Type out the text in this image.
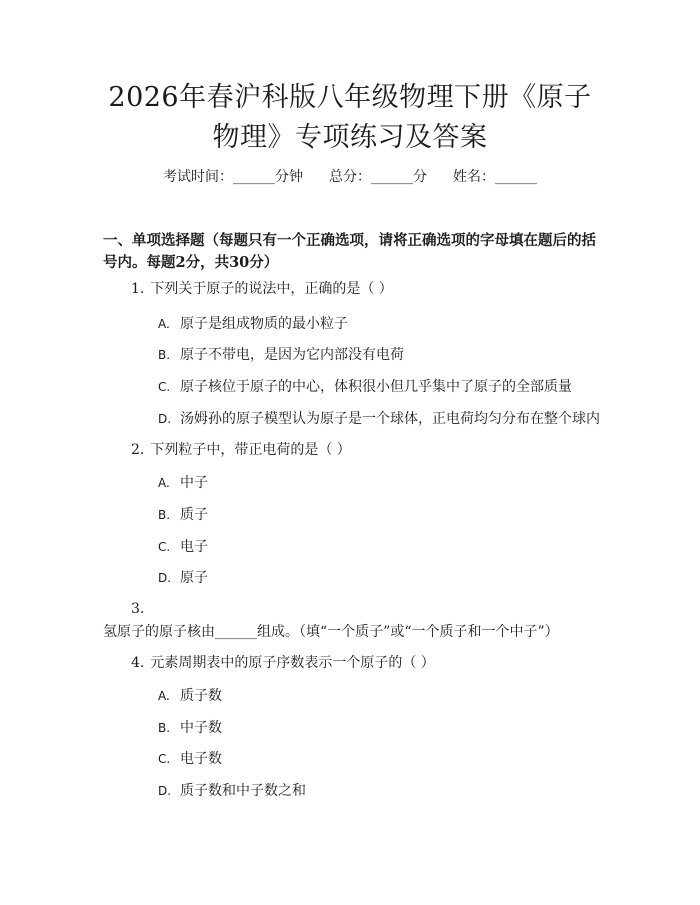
2026年春沪科版八年级物理下册《原子物理》专项练习及答案
考试时间：______分钟 总分：______分 姓名：______
一、单项选择题（每题只有一个正确选项，请将正确选项的字母填在题后的括号内。每题2分，共30分）
1. 下列关于原子的说法中，正确的是（ ）
A. 原子是组成物质的最小粒子
B. 原子不带电，是因为它内部没有电荷
C. 原子核位于原子的中心，体积很小但几乎集中了原子的全部质量
D. 汤姆孙的原子模型认为原子是一个球体，正电荷均匀分布在整个球内
2. 下列粒子中，带正电荷的是（ ）
A. 中子
B. 质子
C. 电子
D. 原子
3. 氢原子的原子核由______组成。（填“一个质子”或“一个质子和一个中子”）
4. 元素周期表中的原子序数表示一个原子的（ ）
A. 质子数
B. 中子数
C. 电子数
D. 质子数和中子数之和
